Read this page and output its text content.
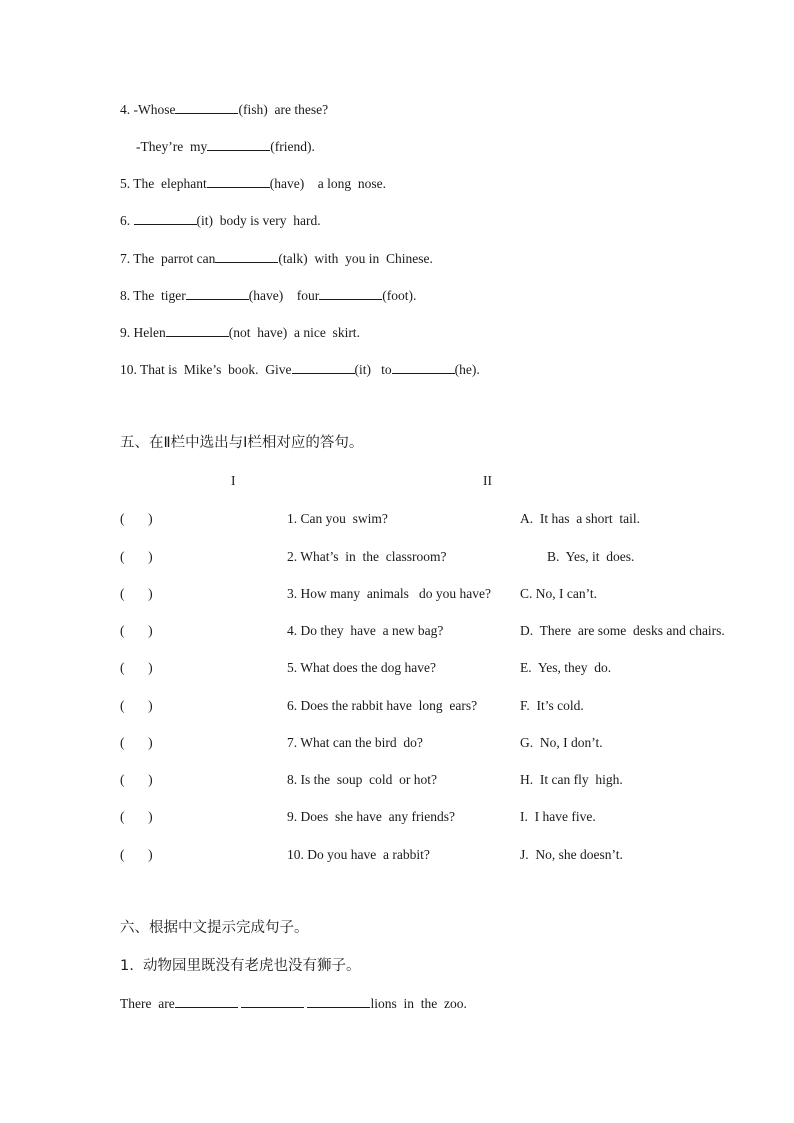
4. -Whose	(fish)  are these?
-They’re  my	(friend).
5. The  elephant	(have)    a long  nose.
6.	(it)  body is very  hard.
7. The  parrot can	(talk)  with  you in  Chinese.
8. The  tiger	(have)    four	(foot).
9. Helen	(not  have)  a nice  skirt.
10. That is  Mike’s  book.  Give	(it)   to	(he).
五、在Ⅱ栏中选出与Ⅰ栏相对应的答句。
I	II
(       )	1. Can you  swim?	A.  It has  a short  tail.
(       )	2. What’s  in  the  classroom?	B.  Yes, it  does.
(       )	3. How many  animals   do you have? C. No, I can’t.
(       )	4. Do they  have  a new bag?	D.  There  are some  desks and chairs.
(       )	5. What does the dog have?	E.  Yes, they  do.
(       )	6. Does the rabbit have  long  ears?	F.  It’s cold.
(       )	7. What can the bird  do?	G.  No, I don’t.
(       )	8. Is the  soup  cold  or hot?	H.  It can fly  high.
(       )	9. Does  she have  any friends?	I.  I have five.
(       )	10. Do you have  a rabbit?	J.  No, she doesn’t.
六、根据中文提示完成句子。
1.  动物园里既没有老虎也没有狮子。
There  are	lions  in  the  zoo.
